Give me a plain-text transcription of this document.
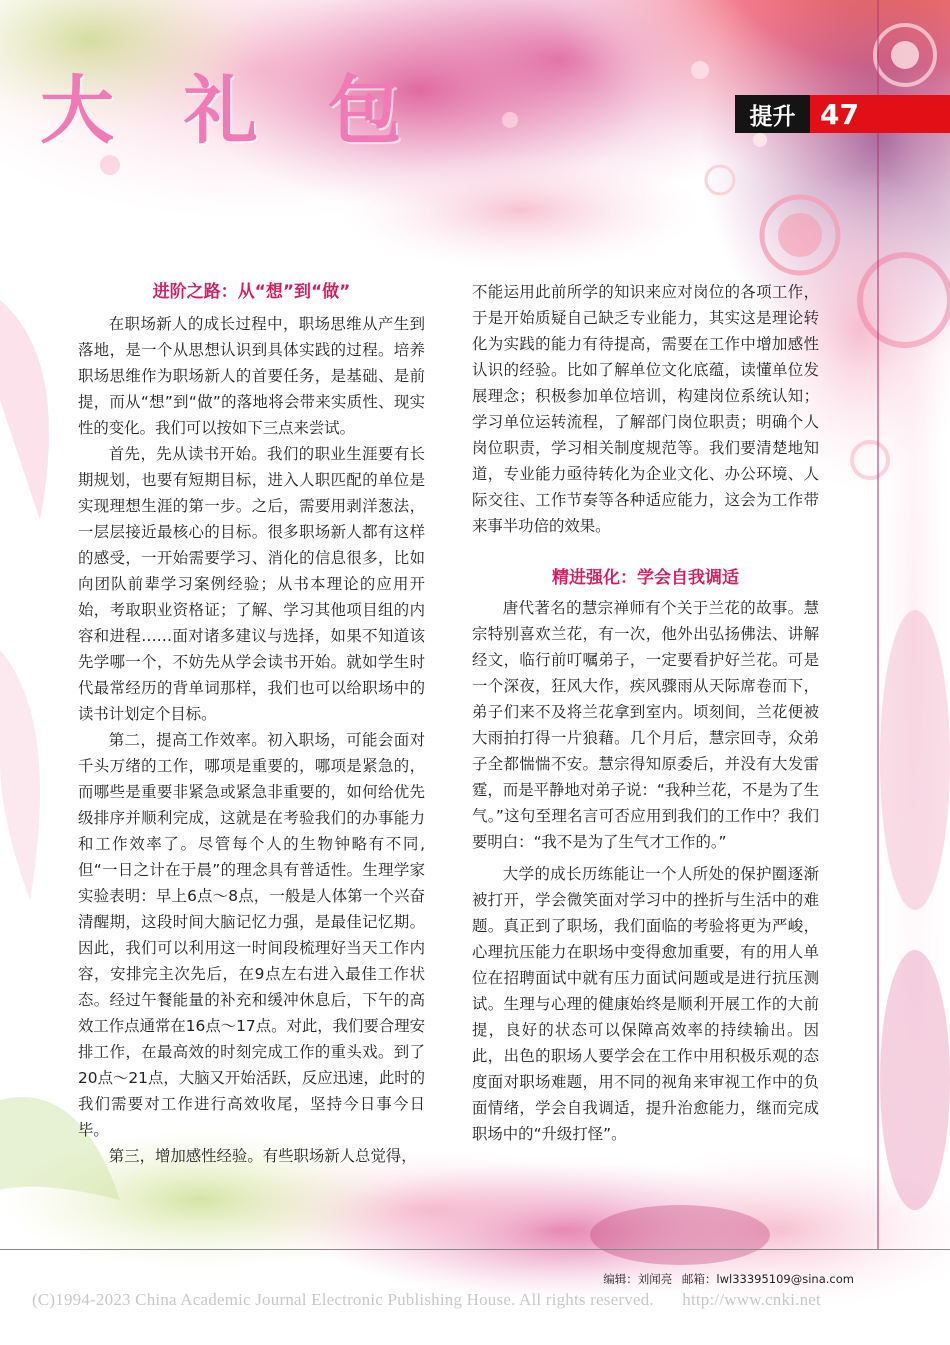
大 礼 包	提升 47
进阶之路：从“想”到“做”

在职场新人的成长过程中，职场思维从产生到落地，是一个从思想认识到具体实践的过程。培养职场思维作为职场新人的首要任务，是基础、是前提，而从“想”到“做”的落地将会带来实质性、现实性的变化。我们可以按如下三点来尝试。

首先，先从读书开始。我们的职业生涯要有长期规划，也要有短期目标，进入人职匹配的单位是实现理想生涯的第一步。之后，需要用剥洋葱法，一层层接近最核心的目标。很多职场新人都有这样的感受，一开始需要学习、消化的信息很多，比如向团队前辈学习案例经验；从书本理论的应用开始，考取职业资格证；了解、学习其他项目组的内容和进程……面对诸多建议与选择，如果不知道该先学哪一个，不妨先从学会读书开始。就如学生时代最常经历的背单词那样，我们也可以给职场中的读书计划定个目标。

第二，提高工作效率。初入职场，可能会面对千头万绪的工作，哪项是重要的，哪项是紧急的，而哪些是重要非紧急或紧急非重要的，如何给优先级排序并顺利完成，这就是在考验我们的办事能力和工作效率了。尽管每个人的生物钟略有不同,但“一日之计在于晨”的理念具有普适性。生理学家实验表明：早上6点～8点，一般是人体第一个兴奋清醒期，这段时间大脑记忆力强，是最佳记忆期。因此，我们可以利用这一时间段梳理好当天工作内容，安排完主次先后，在9点左右进入最佳工作状态。经过午餐能量的补充和缓冲休息后，下午的高效工作点通常在16点～17点。对此，我们要合理安排工作，在最高效的时刻完成工作的重头戏。到了20点～21点，大脑又开始活跃，反应迅速，此时的我们需要对工作进行高效收尾，坚持今日事今日毕。

第三，增加感性经验。有些职场新人总觉得，

不能运用此前所学的知识来应对岗位的各项工作，于是开始质疑自己缺乏专业能力，其实这是理论转化为实践的能力有待提高，需要在工作中增加感性认识的经验。比如了解单位文化底蕴，读懂单位发展理念；积极参加单位培训，构建岗位系统认知；学习单位运转流程，了解部门岗位职责；明确个人岗位职责，学习相关制度规范等。我们要清楚地知道，专业能力亟待转化为企业文化、办公环境、人际交往、工作节奏等各种适应能力，这会为工作带来事半功倍的效果。

精进强化：学会自我调适

唐代著名的慧宗禅师有个关于兰花的故事。慧宗特别喜欢兰花，有一次，他外出弘扬佛法、讲解经文，临行前叮嘱弟子，一定要看护好兰花。可是一个深夜，狂风大作，疾风骤雨从天际席卷而下，弟子们来不及将兰花拿到室内。顷刻间，兰花便被大雨拍打得一片狼藉。几个月后，慧宗回寺，众弟子全都惴惴不安。慧宗得知原委后，并没有大发雷霆，而是平静地对弟子说：“我种兰花，不是为了生气。”这句至理名言可否应用到我们的工作中？我们要明白：“我不是为了生气才工作的。”

大学的成长历练能让一个人所处的保护圈逐渐被打开，学会微笑面对学习中的挫折与生活中的难题。真正到了职场，我们面临的考验将更为严峻，心理抗压能力在职场中变得愈加重要，有的用人单位在招聘面试中就有压力面试问题或是进行抗压测试。生理与心理的健康始终是顺利开展工作的大前提，良好的状态可以保障高效率的持续输出。因此，出色的职场人要学会在工作中用积极乐观的态度面对职场难题，用不同的视角来审视工作中的负面情绪，学会自我调适，提升治愈能力，继而完成职场中的“升级打怪”。

编辑：刘闻亮 邮箱：lwl33395109@sina.com
(C)1994-2023 China Academic Journal Electronic Publishing House. All rights reserved. http://www.cnki.net
